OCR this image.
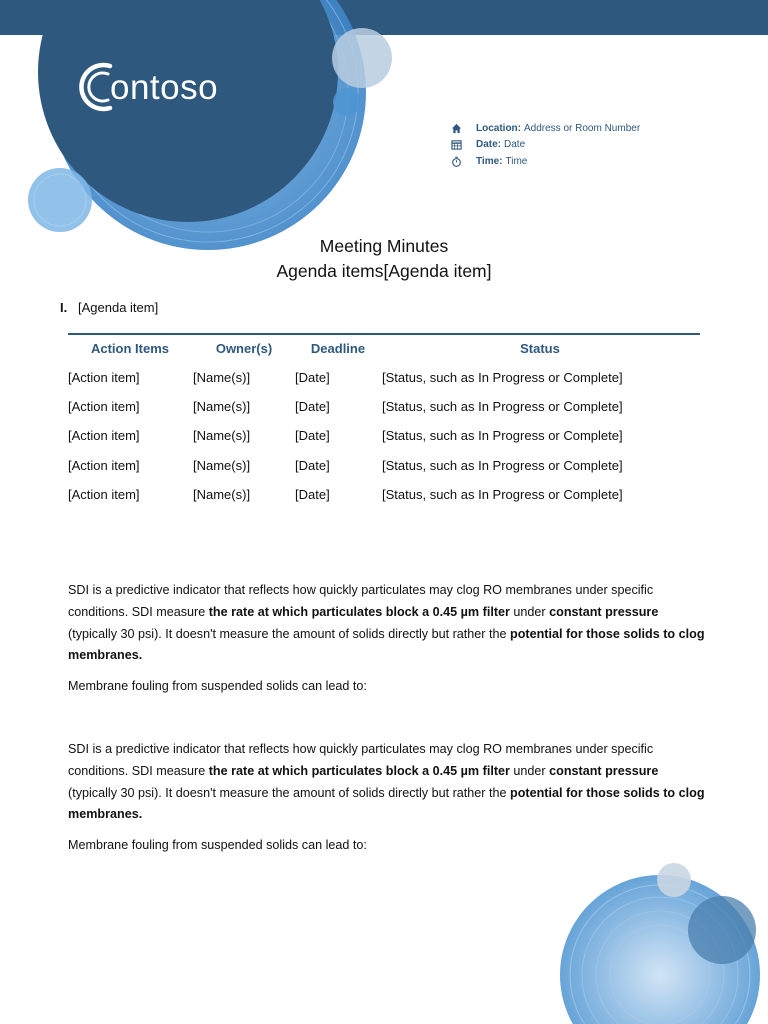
ontoso
Location: Address or Room Number
Date: Date
Time: Time
Meeting Minutes
Agenda items[Agenda item]
I. [Agenda item]
Action Items	Owner(s)	Deadline	Status
[Action item]	[Name(s)]	[Date]	[Status, such as In Progress or Complete]
[Action item]	[Name(s)]	[Date]	[Status, such as In Progress or Complete]
[Action item]	[Name(s)]	[Date]	[Status, such as In Progress or Complete]
[Action item]	[Name(s)]	[Date]	[Status, such as In Progress or Complete]
[Action item]	[Name(s)]	[Date]	[Status, such as In Progress or Complete]
SDI is a predictive indicator that reflects how quickly particulates may clog RO membranes under specific conditions. SDI measure the rate at which particulates block a 0.45 µm filter under constant pressure (typically 30 psi). It doesn't measure the amount of solids directly but rather the potential for those solids to clog membranes.
Membrane fouling from suspended solids can lead to:
SDI is a predictive indicator that reflects how quickly particulates may clog RO membranes under specific conditions. SDI measure the rate at which particulates block a 0.45 µm filter under constant pressure (typically 30 psi). It doesn't measure the amount of solids directly but rather the potential for those solids to clog membranes.
Membrane fouling from suspended solids can lead to:
